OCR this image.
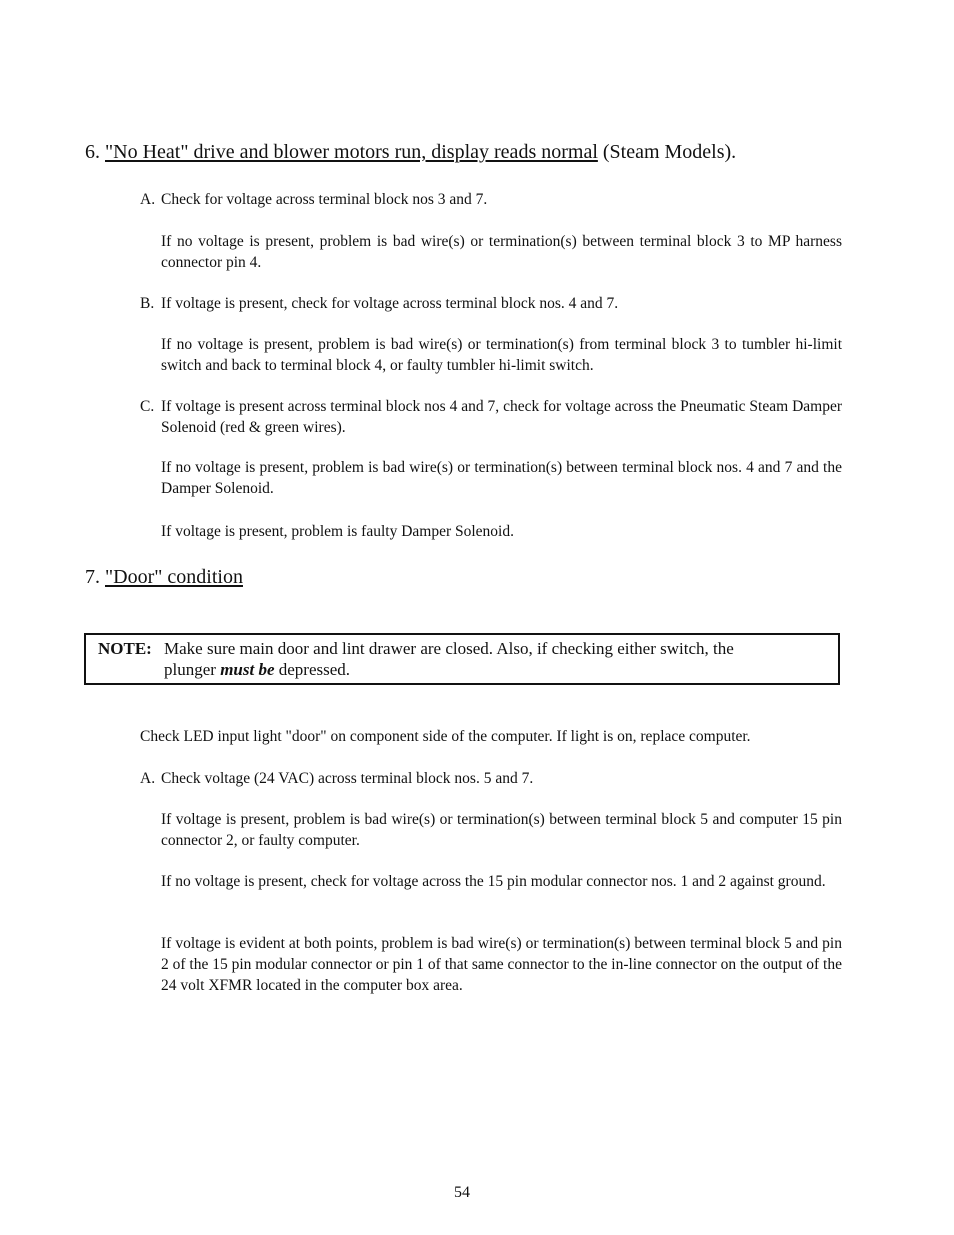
6. "No Heat" drive and blower motors run, display reads normal (Steam Models).
A. Check for voltage across terminal block nos 3 and 7.
If no voltage is present, problem is bad wire(s) or termination(s) between terminal block 3 to MP harness connector pin 4.
B. If voltage is present, check for voltage across terminal block nos. 4 and 7.
If no voltage is present, problem is bad wire(s) or termination(s) from terminal block 3 to tumbler hi-limit switch and back to terminal block 4, or faulty tumbler hi-limit switch.
C. If voltage is present across terminal block nos 4 and 7, check for voltage across the Pneumatic Steam Damper Solenoid (red & green wires).
If no voltage is present, problem is bad wire(s) or termination(s) between terminal block nos. 4 and 7 and the Damper Solenoid.
If voltage is present, problem is faulty Damper Solenoid.
7. "Door" condition
NOTE: Make sure main door and lint drawer are closed. Also, if checking either switch, the
plunger must be depressed.
Check LED input light "door" on component side of the computer. If light is on, replace computer.
A. Check voltage (24 VAC) across terminal block nos. 5 and 7.
If voltage is present, problem is bad wire(s) or termination(s) between terminal block 5 and computer 15 pin connector 2, or faulty computer.
If no voltage is present, check for voltage across the 15 pin modular connector nos. 1 and 2 against ground.
If voltage is evident at both points, problem is bad wire(s) or termination(s) between terminal block 5 and pin 2 of the 15 pin modular connector or pin 1 of that same connector to the in-line connector on the output of the 24 volt XFMR located in the computer box area.
54
